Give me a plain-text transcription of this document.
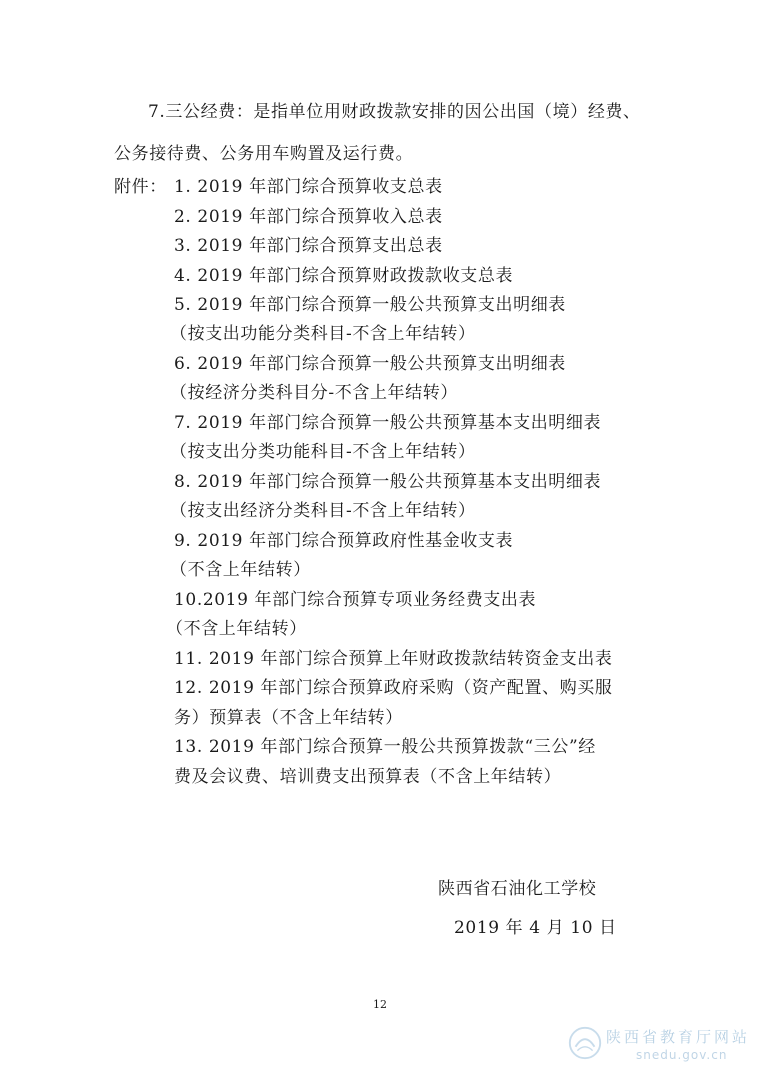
7.三公经费：是指单位用财政拨款安排的因公出国（境）经费、
公务接待费、公务用车购置及运行费。
附件： 1. 2019 年部门综合预算收支总表
2. 2019 年部门综合预算收入总表
3. 2019 年部门综合预算支出总表
4. 2019 年部门综合预算财政拨款收支总表
5. 2019 年部门综合预算一般公共预算支出明细表
（按支出功能分类科目-不含上年结转）
6. 2019 年部门综合预算一般公共预算支出明细表
（按经济分类科目分-不含上年结转）
7. 2019 年部门综合预算一般公共预算基本支出明细表
（按支出分类功能科目-不含上年结转）
8. 2019 年部门综合预算一般公共预算基本支出明细表
（按支出经济分类科目-不含上年结转）
9. 2019 年部门综合预算政府性基金收支表
（不含上年结转）
10.2019 年部门综合预算专项业务经费支出表
（不含上年结转）
11. 2019 年部门综合预算上年财政拨款结转资金支出表
12. 2019 年部门综合预算政府采购（资产配置、购买服
务）预算表（不含上年结转）
13. 2019 年部门综合预算一般公共预算拨款“三公”经
费及会议费、培训费支出预算表（不含上年结转）
陕西省石油化工学校
2019 年 4 月 10 日
12
陕西省教育厅网站
snedu.gov.cn
